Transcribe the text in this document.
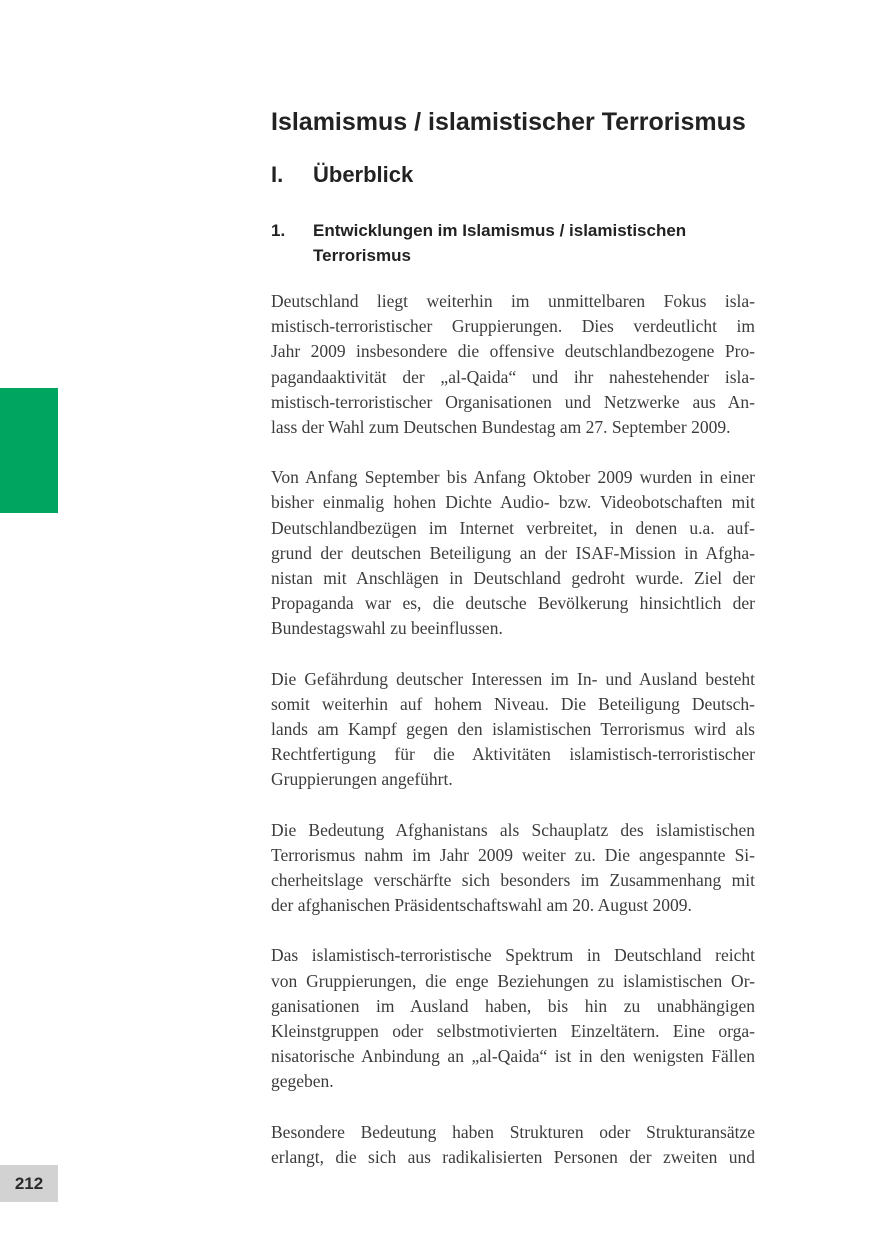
212
Islamismus / islamistischer Terrorismus
I.	Überblick
1.	Entwicklungen im Islamismus / islamistischen
Terrorismus
Deutschland liegt weiterhin im unmittelbaren Fokus isla-
mistisch-terroristischer Gruppierungen. Dies verdeutlicht im
Jahr 2009 insbesondere die offensive deutschlandbezogene Pro-
pagandaaktivität der „al-Qaida“ und ihr nahestehender isla-
mistisch-terroristischer Organisationen und Netzwerke aus An-
lass der Wahl zum Deutschen Bundestag am 27. September 2009.
Von Anfang September bis Anfang Oktober 2009 wurden in einer
bisher einmalig hohen Dichte Audio- bzw. Videobotschaften mit
Deutschlandbezügen im Internet verbreitet, in denen u.a. auf-
grund der deutschen Beteiligung an der ISAF-Mission in Afgha-
nistan mit Anschlägen in Deutschland gedroht wurde. Ziel der
Propaganda war es, die deutsche Bevölkerung hinsichtlich der
Bundestagswahl zu beeinflussen.
Die Gefährdung deutscher Interessen im In- und Ausland besteht
somit weiterhin auf hohem Niveau. Die Beteiligung Deutsch-
lands am Kampf gegen den islamistischen Terrorismus wird als
Rechtfertigung für die Aktivitäten islamistisch-terroristischer
Gruppierungen angeführt.
Die Bedeutung Afghanistans als Schauplatz des islamistischen
Terrorismus nahm im Jahr 2009 weiter zu. Die angespannte Si-
cherheitslage verschärfte sich besonders im Zusammenhang mit
der afghanischen Präsidentschaftswahl am 20. August 2009.
Das islamistisch-terroristische Spektrum in Deutschland reicht
von Gruppierungen, die enge Beziehungen zu islamistischen Or-
ganisationen im Ausland haben, bis hin zu unabhängigen
Kleinstgruppen oder selbstmotivierten Einzeltätern. Eine orga-
nisatorische Anbindung an „al-Qaida“ ist in den wenigsten Fällen
gegeben.
Besondere Bedeutung haben Strukturen oder Strukturansätze
erlangt, die sich aus radikalisierten Personen der zweiten und
